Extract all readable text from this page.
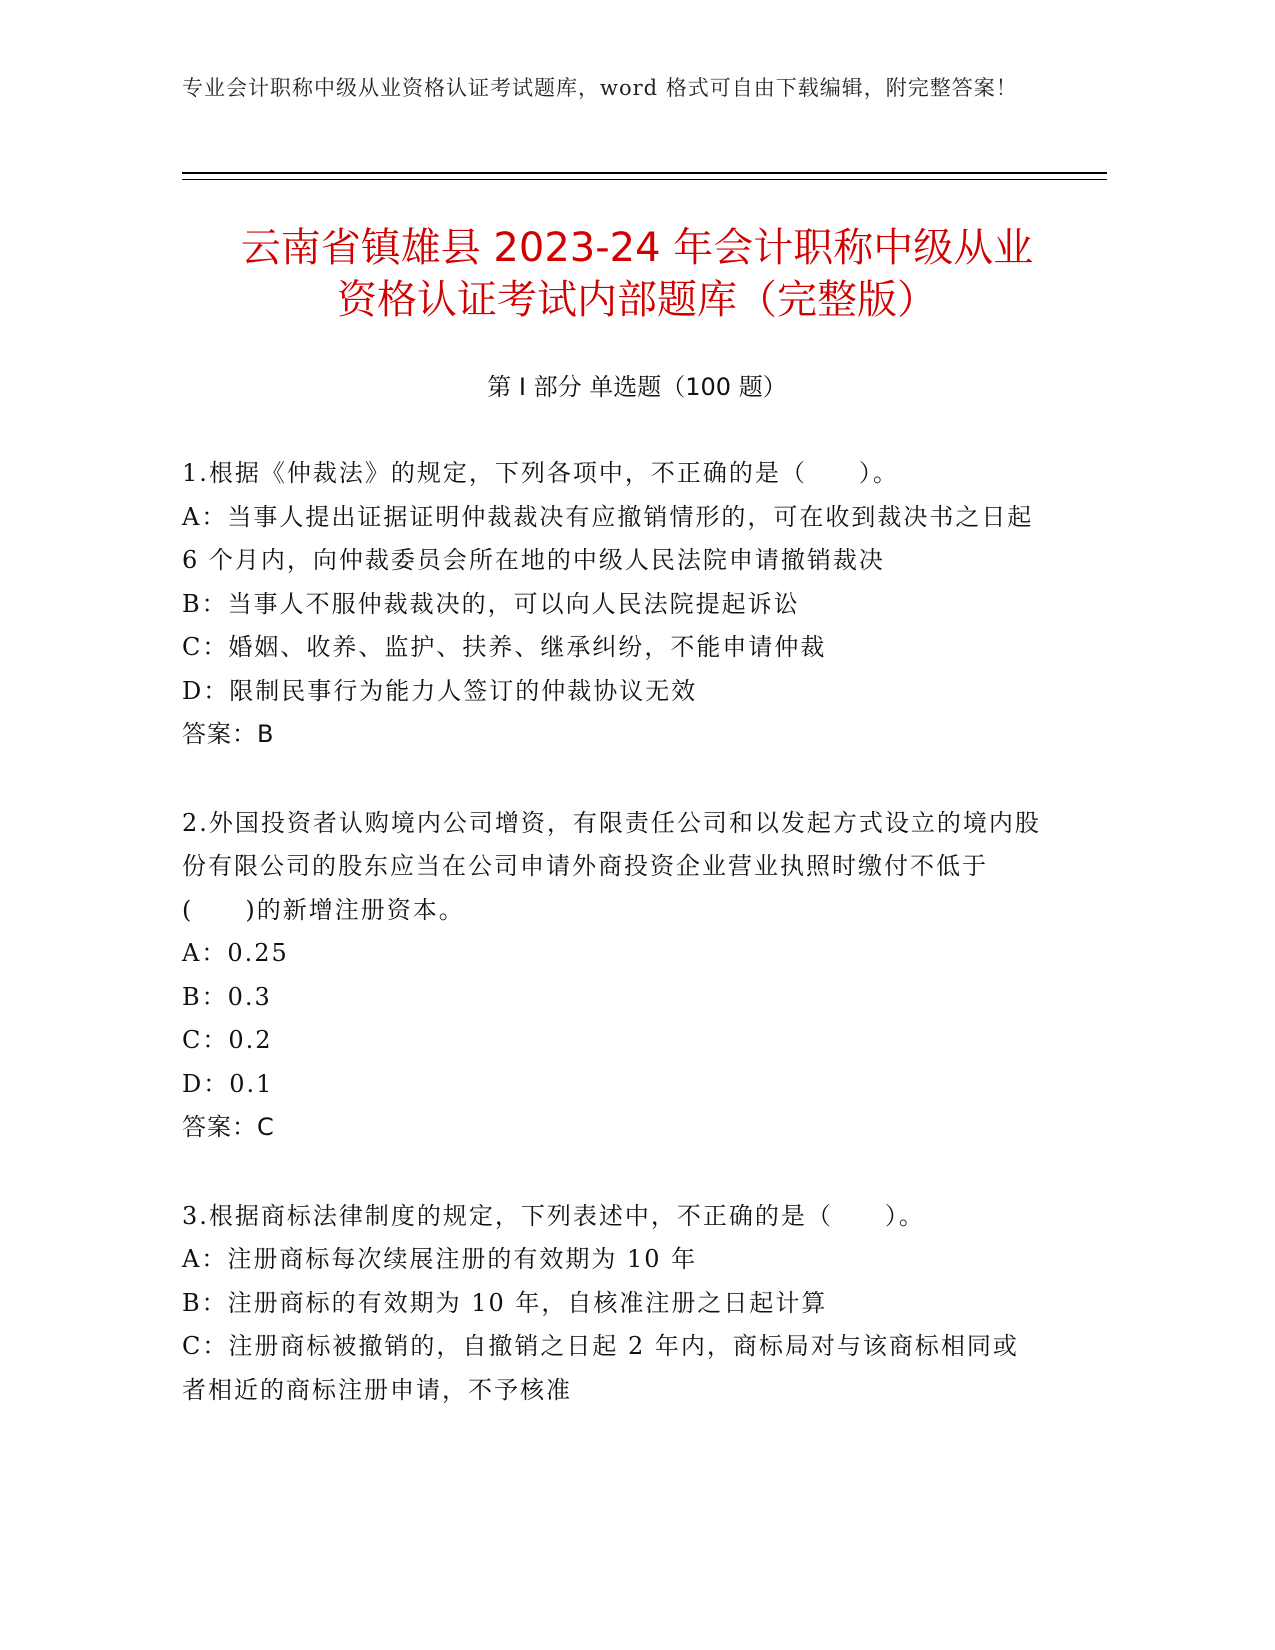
专业会计职称中级从业资格认证考试题库，word 格式可自由下载编辑，附完整答案！
云南省镇雄县 2023-24 年会计职称中级从业
资格认证考试内部题库（完整版）
第 I 部分 单选题（100 题）

1.根据《仲裁法》的规定，下列各项中，不正确的是（　　）。

A：当事人提出证据证明仲裁裁决有应撤销情形的，可在收到裁决书之日起 6 个月内，向仲裁委员会所在地的中级人民法院申请撤销裁决

B：当事人不服仲裁裁决的，可以向人民法院提起诉讼

C：婚姻、收养、监护、扶养、继承纠纷，不能申请仲裁

D：限制民事行为能力人签订的仲裁协议无效

答案：B

2.外国投资者认购境内公司增资，有限责任公司和以发起方式设立的境内股份有限公司的股东应当在公司申请外商投资企业营业执照时缴付不低于(　　)的新增注册资本。

A：0.25

B：0.3

C：0.2

D：0.1

答案：C

3.根据商标法律制度的规定，下列表述中，不正确的是（　　）。

A：注册商标每次续展注册的有效期为 10 年

B：注册商标的有效期为 10 年，自核准注册之日起计算

C：注册商标被撤销的，自撤销之日起 2 年内，商标局对与该商标相同或者相近的商标注册申请，不予核准
